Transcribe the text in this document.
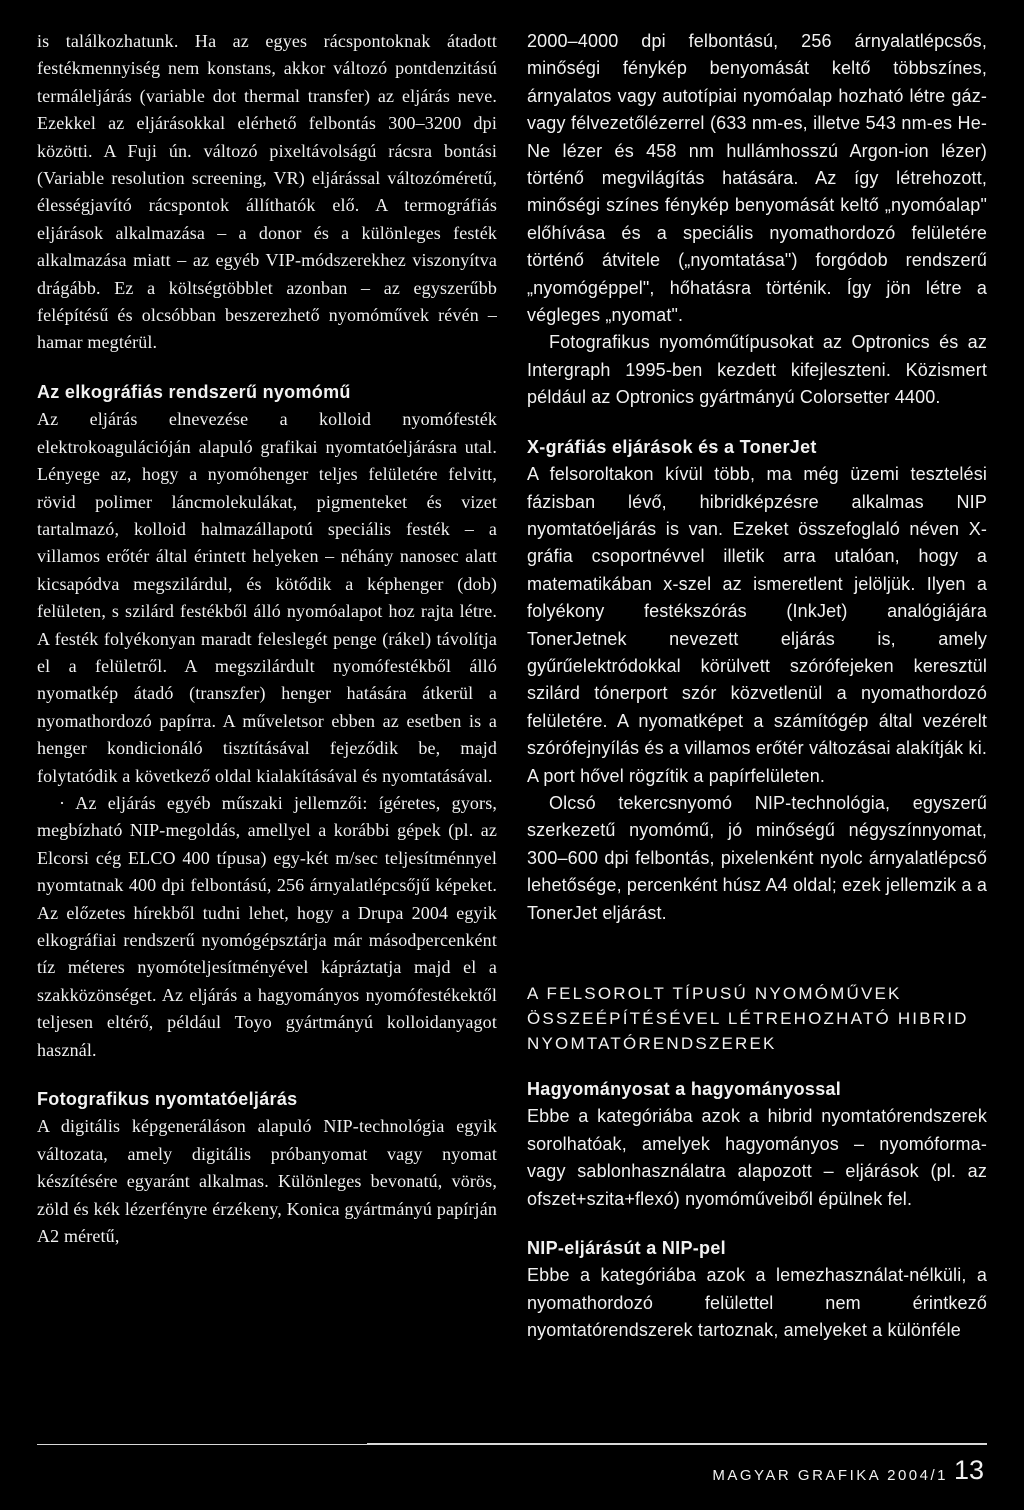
is találkozhatunk. Ha az egyes rácspontoknak átadott festékmennyiség nem konstans, akkor változó pontdenzitású termáleljárás (variable dot thermal transfer) az eljárás neve. Ezekkel az eljárásokkal elérhető felbontás 300–3200 dpi közötti. A Fuji ún. változó pixeltávolságú rácsra bontási (Variable resolution screening, VR) eljárással változóméretű, élességjavító rácspontok állíthatók elő. A termográfiás eljárások alkalmazása – a donor és a különleges festék alkalmazása miatt – az egyéb VIP-módszerekhez viszonyítva drágább. Ez a költségtöbblet azonban – az egyszerűbb felépítésű és olcsóbban beszerezhető nyomóművek révén – hamar megtérül.

Az elkográfiás rendszerű nyomómű

Az eljárás elnevezése a kolloid nyomófesték elektrokoagulációján alapuló grafikai nyomtatóeljárásra utal. Lényege az, hogy a nyomóhenger teljes felületére felvitt, rövid polimer láncmolekulákat, pigmenteket és vizet tartalmazó, kolloid halmazállapotú speciális festék – a villamos erőtér által érintett helyeken – néhány nanosec alatt kicsapódva megszilárdul, és kötődik a képhenger (dob) felületen, s szilárd festékből álló nyomóalapot hoz rajta létre. A festék folyékonyan maradt feleslegét penge (rákel) távolítja el a felületről. A megszilárdult nyomófestékből álló nyomatkép átadó (transzfer) henger hatására átkerül a nyomathordozó papírra. A műveletsor ebben az esetben is a henger kondicionáló tisztításával fejeződik be, majd folytatódik a következő oldal kialakításával és nyomtatásával.

· Az eljárás egyéb műszaki jellemzői: ígéretes, gyors, megbízható NIP-megoldás, amellyel a korábbi gépek (pl. az Elcorsi cég ELCO 400 típusa) egy-két m/sec teljesítménnyel nyomtatnak 400 dpi felbontású, 256 árnyalatlépcsőjű képeket. Az előzetes hírekből tudni lehet, hogy a Drupa 2004 egyik elkográfiai rendszerű nyomógépsztárja már másodpercenként tíz méteres nyomóteljesítményével kápráztatja majd el a szakközönséget. Az eljárás a hagyományos nyomófestékektől teljesen eltérő, például Toyo gyártmányú kolloidanyagot használ.

Fotografikus nyomtatóeljárás

A digitális képgeneráláson alapuló NIP-technológia egyik változata, amely digitális próbanyomat vagy nyomat készítésére egyaránt alkalmas. Különleges bevonatú, vörös, zöld és kék lézerfényre érzékeny, Konica gyártmányú papírján A2 méretű,

2000–4000 dpi felbontású, 256 árnyalatlépcsős, minőségi fénykép benyomását keltő többszínes, árnyalatos vagy autotípiai nyomóalap hozható létre gáz- vagy félvezetőlézerrel (633 nm-es, illetve 543 nm-es He-Ne lézer és 458 nm hullámhosszú Argon-ion lézer) történő megvilágítás hatására. Az így létrehozott, minőségi színes fénykép benyomását keltő „nyomóalap" előhívása és a speciális nyomathordozó felületére történő átvitele („nyomtatása") forgódob rendszerű „nyomógéppel", hőhatásra történik. Így jön létre a végleges „nyomat".

Fotografikus nyomóműtípusokat az Optronics és az Intergraph 1995-ben kezdett kifejleszteni. Közismert például az Optronics gyártmányú Colorsetter 4400.

X-gráfiás eljárások és a TonerJet

A felsoroltakon kívül több, ma még üzemi tesztelési fázisban lévő, hibridképzésre alkalmas NIP nyomtatóeljárás is van. Ezeket összefoglaló néven X-gráfia csoportnévvel illetik arra utalóan, hogy a matematikában x-szel az ismeretlent jelöljük. Ilyen a folyékony festékszórás (InkJet) analógiájára TonerJetnek nevezett eljárás is, amely gyűrűelektródokkal körülvett szórófejeken keresztül szilárd tónerport szór közvetlenül a nyomathordozó felületére. A nyomatképet a számítógép által vezérelt szórófejnyílás és a villamos erőtér változásai alakítják ki. A port hővel rögzítik a papírfelületen.

Olcsó tekercsnyomó NIP-technológia, egyszerű szerkezetű nyomómű, jó minőségű négyszínnyomat, 300–600 dpi felbontás, pixelenként nyolc árnyalatlépcső lehetősége, percenként húsz A4 oldal; ezek jellemzik a a TonerJet eljárást.

A FELSOROLT TÍPUSÚ NYOMÓMŰVEK ÖSSZEÉPÍTÉSÉVEL LÉTREHOZHATÓ HIBRID NYOMTATÓRENDSZEREK
Hagyományosat a hagyományossal

Ebbe a kategóriába azok a hibrid nyomtatórendszerek sorolhatóak, amelyek hagyományos – nyomóforma- vagy sablonhasználatra alapozott – eljárások (pl. az ofszet+szita+flexó) nyomóműveiből épülnek fel.

NIP-eljárásút a NIP-pel

Ebbe a kategóriába azok a lemezhasználat-nélküli, a nyomathordozó felülettel nem érintkező nyomtatórendszerek tartoznak, amelyeket a különféle

MAGYAR GRAFIKA 2004/1 13
